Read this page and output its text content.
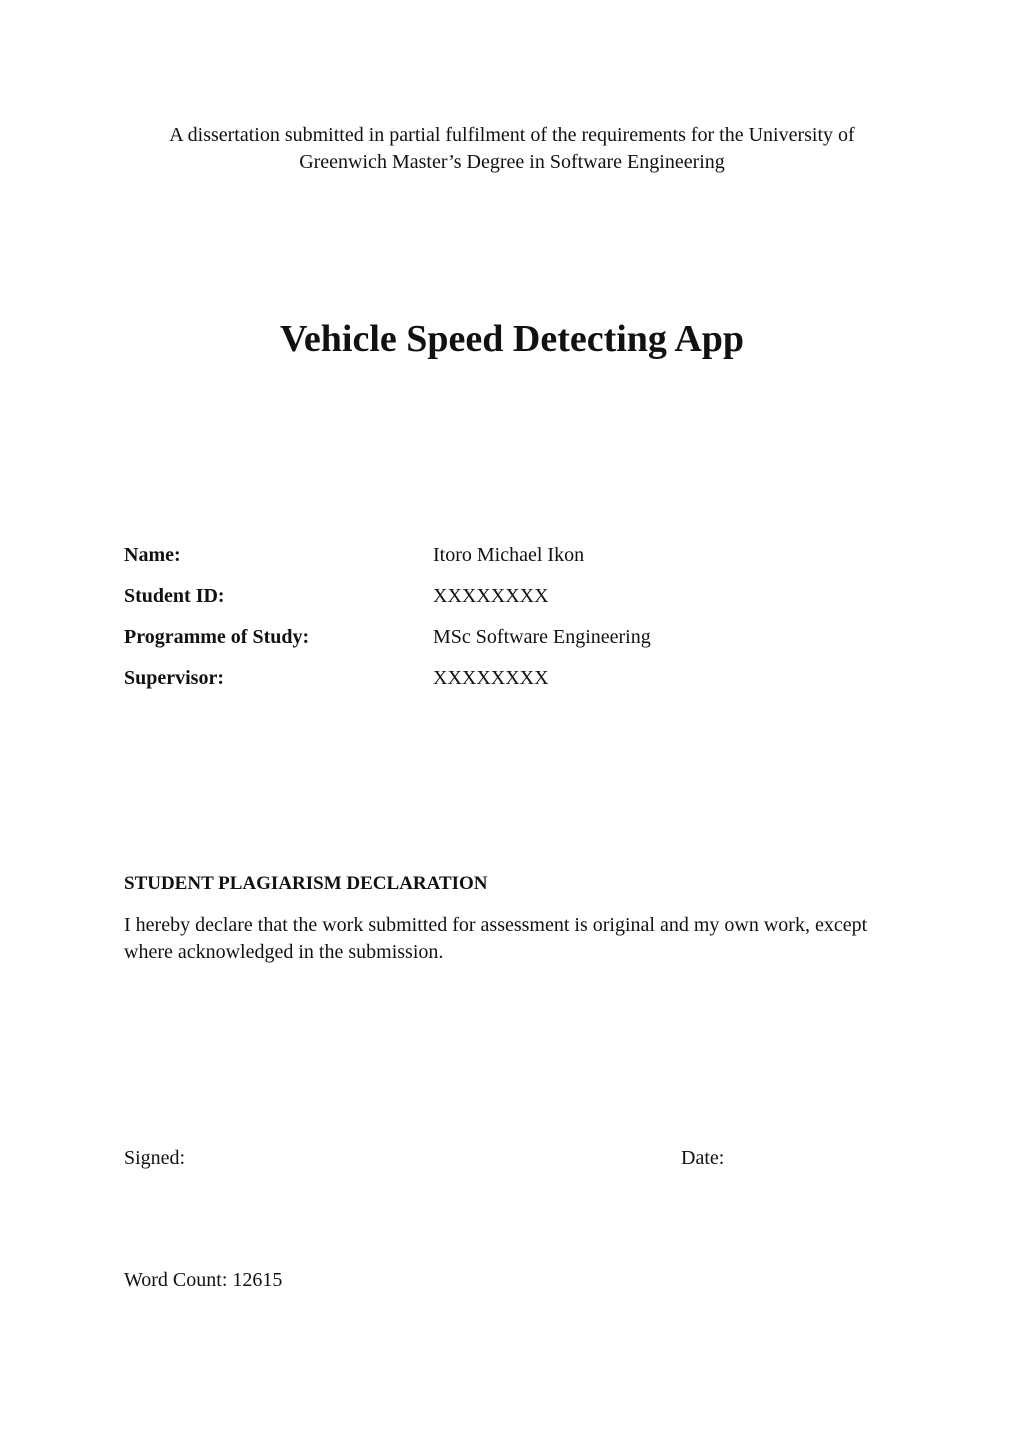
A dissertation submitted in partial fulfilment of the requirements for the University of
Greenwich Master’s Degree in Software Engineering
Vehicle Speed Detecting App
Name:	Itoro Michael Ikon
Student ID:	XXXXXXXX
Programme of Study:	MSc Software Engineering
Supervisor:	XXXXXXXX
STUDENT PLAGIARISM DECLARATION
I hereby declare that the work submitted for assessment is original and my own work, except
where acknowledged in the submission.
Signed:	Date:
Word Count: 12615
